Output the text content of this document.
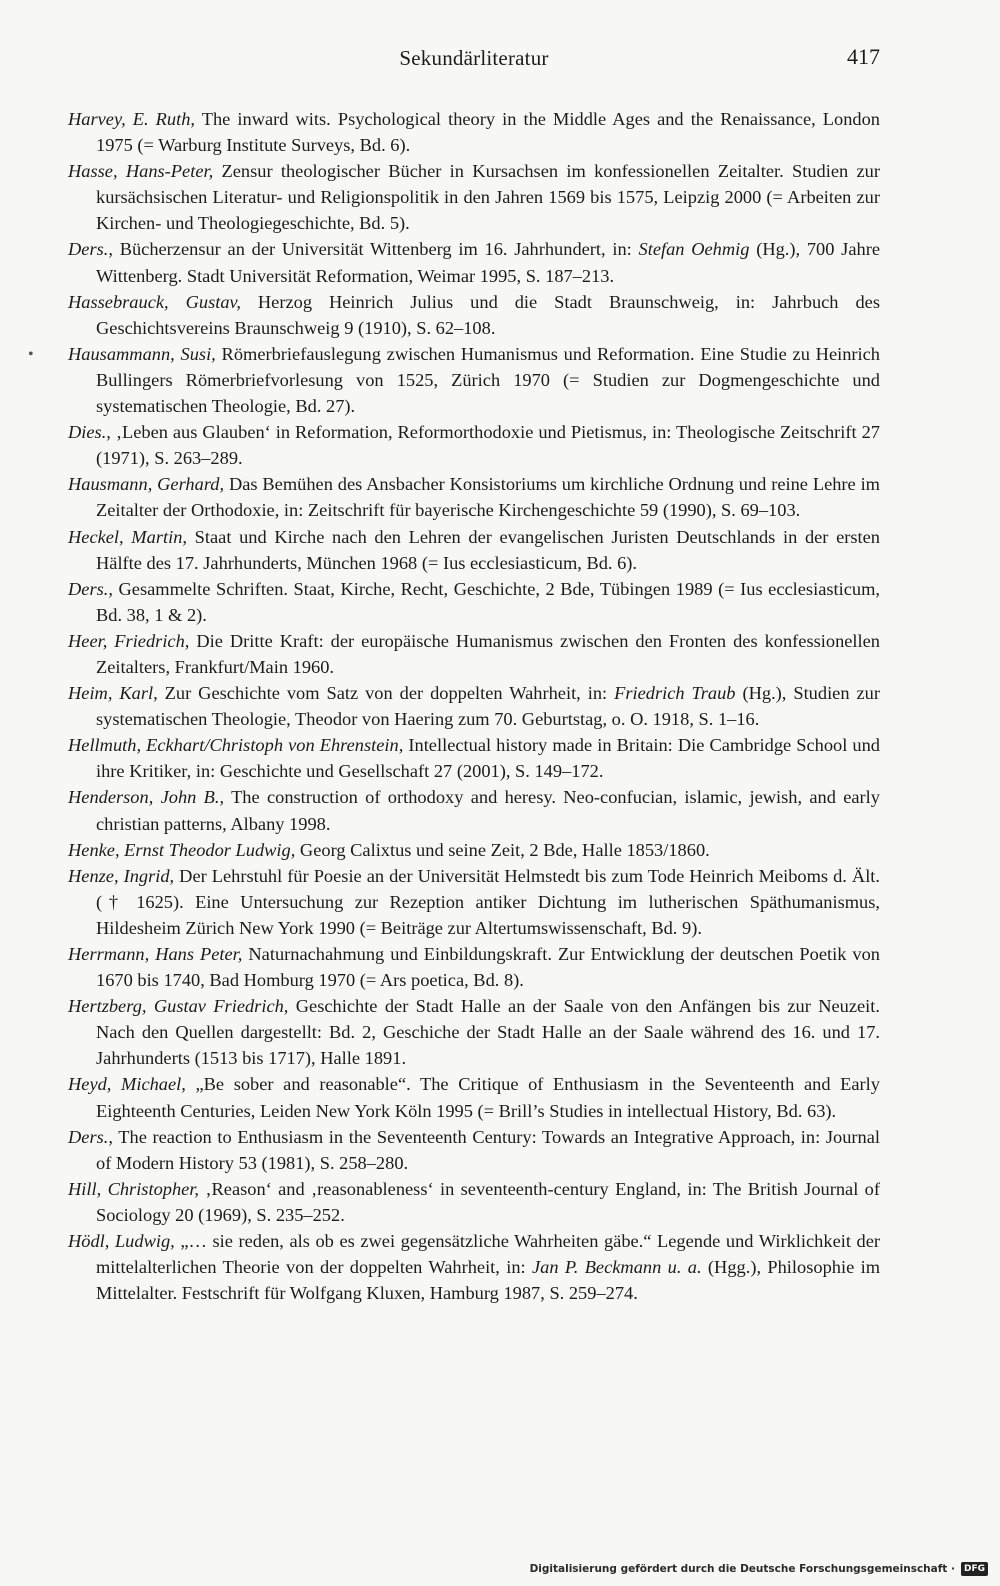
Sekundärliteratur	417
•

Harvey, E. Ruth, The inward wits. Psychological theory in the Middle Ages and the Renaissance, London 1975 (= Warburg Institute Surveys, Bd. 6).

Hasse, Hans-Peter, Zensur theologischer Bücher in Kursachsen im konfessionellen Zeitalter. Studien zur kursächsischen Literatur- und Religionspolitik in den Jahren 1569 bis 1575, Leipzig 2000 (= Arbeiten zur Kirchen- und Theologiegeschichte, Bd. 5).

Ders., Bücherzensur an der Universität Wittenberg im 16. Jahrhundert, in: Stefan Oehmig (Hg.), 700 Jahre Wittenberg. Stadt Universität Reformation, Weimar 1995, S. 187–213.

Hassebrauck, Gustav, Herzog Heinrich Julius und die Stadt Braunschweig, in: Jahrbuch des Geschichtsvereins Braunschweig 9 (1910), S. 62–108.

Hausammann, Susi, Römerbriefauslegung zwischen Humanismus und Reformation. Eine Studie zu Heinrich Bullingers Römerbriefvorlesung von 1525, Zürich 1970 (= Studien zur Dogmengeschichte und systematischen Theologie, Bd. 27).

Dies., ‚Leben aus Glauben‘ in Reformation, Reformorthodoxie und Pietismus, in: Theologische Zeitschrift 27 (1971), S. 263–289.

Hausmann, Gerhard, Das Bemühen des Ansbacher Konsistoriums um kirchliche Ordnung und reine Lehre im Zeitalter der Orthodoxie, in: Zeitschrift für bayerische Kirchengeschichte 59 (1990), S. 69–103.

Heckel, Martin, Staat und Kirche nach den Lehren der evangelischen Juristen Deutschlands in der ersten Hälfte des 17. Jahrhunderts, München 1968 (= Ius ecclesiasticum, Bd. 6).

Ders., Gesammelte Schriften. Staat, Kirche, Recht, Geschichte, 2 Bde, Tübingen 1989 (= Ius ecclesiasticum, Bd. 38, 1 & 2).

Heer, Friedrich, Die Dritte Kraft: der europäische Humanismus zwischen den Fronten des konfessionellen Zeitalters, Frankfurt/Main 1960.

Heim, Karl, Zur Geschichte vom Satz von der doppelten Wahrheit, in: Friedrich Traub (Hg.), Studien zur systematischen Theologie, Theodor von Haering zum 70. Geburtstag, o. O. 1918, S. 1–16.

Hellmuth, Eckhart/Christoph von Ehrenstein, Intellectual history made in Britain: Die Cambridge School und ihre Kritiker, in: Geschichte und Gesellschaft 27 (2001), S. 149–172.

Henderson, John B., The construction of orthodoxy and heresy. Neo-confucian, islamic, jewish, and early christian patterns, Albany 1998.

Henke, Ernst Theodor Ludwig, Georg Calixtus und seine Zeit, 2 Bde, Halle 1853/1860.

Henze, Ingrid, Der Lehrstuhl für Poesie an der Universität Helmstedt bis zum Tode Heinrich Meiboms d. Ält. († 1625). Eine Untersuchung zur Rezeption antiker Dichtung im lutherischen Späthumanismus, Hildesheim Zürich New York 1990 (= Beiträge zur Altertumswissenschaft, Bd. 9).

Herrmann, Hans Peter, Naturnachahmung und Einbildungskraft. Zur Entwicklung der deutschen Poetik von 1670 bis 1740, Bad Homburg 1970 (= Ars poetica, Bd. 8).

Hertzberg, Gustav Friedrich, Geschichte der Stadt Halle an der Saale von den Anfängen bis zur Neuzeit. Nach den Quellen dargestellt: Bd. 2, Geschiche der Stadt Halle an der Saale während des 16. und 17. Jahrhunderts (1513 bis 1717), Halle 1891.

Heyd, Michael, „Be sober and reasonable“. The Critique of Enthusiasm in the Seventeenth and Early Eighteenth Centuries, Leiden New York Köln 1995 (= Brill’s Studies in intellectual History, Bd. 63).

Ders., The reaction to Enthusiasm in the Seventeenth Century: Towards an Integrative Approach, in: Journal of Modern History 53 (1981), S. 258–280.

Hill, Christopher, ‚Reason‘ and ‚reasonableness‘ in seventeenth-century England, in: The British Journal of Sociology 20 (1969), S. 235–252.

Hödl, Ludwig, „… sie reden, als ob es zwei gegensätzliche Wahrheiten gäbe.“ Legende und Wirklichkeit der mittelalterlichen Theorie von der doppelten Wahrheit, in: Jan P. Beckmann u. a. (Hgg.), Philosophie im Mittelalter. Festschrift für Wolfgang Kluxen, Hamburg 1987, S. 259–274.

Digitalisierung gefördert durch die Deutsche Forschungsgemeinschaft ·	DFG
